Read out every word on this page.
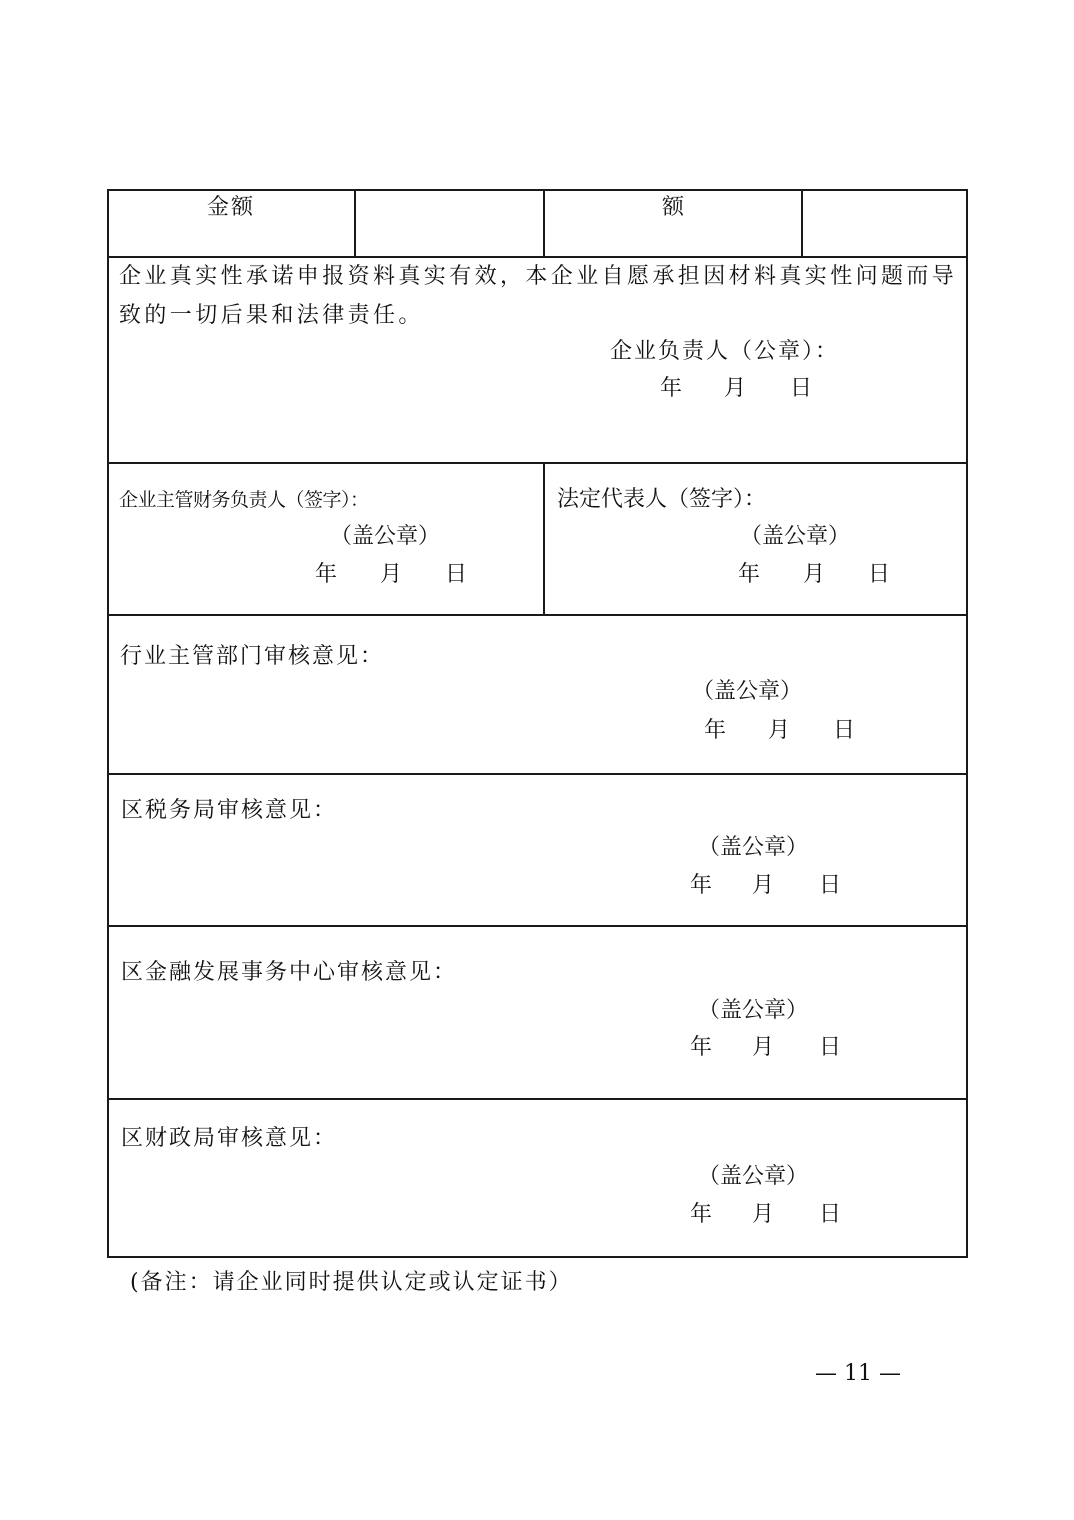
金额	额
企业真实性承诺申报资料真实有效，本企业自愿承担因材料真实性问题而导
致的一切后果和法律责任。
企业负责人（公章）：
年 月 日
企业主管财务负责人（签字）：
（盖公章）
年 月 日
法定代表人（签字）：
（盖公章）
年 月 日
行业主管部门审核意见：
（盖公章）
年 月 日
区税务局审核意见：
（盖公章）
年 月 日
区金融发展事务中心审核意见：
（盖公章）
年 月 日
区财政局审核意见：
（盖公章）
年 月 日
(备注：请企业同时提供认定或认定证书）
— 11 —
